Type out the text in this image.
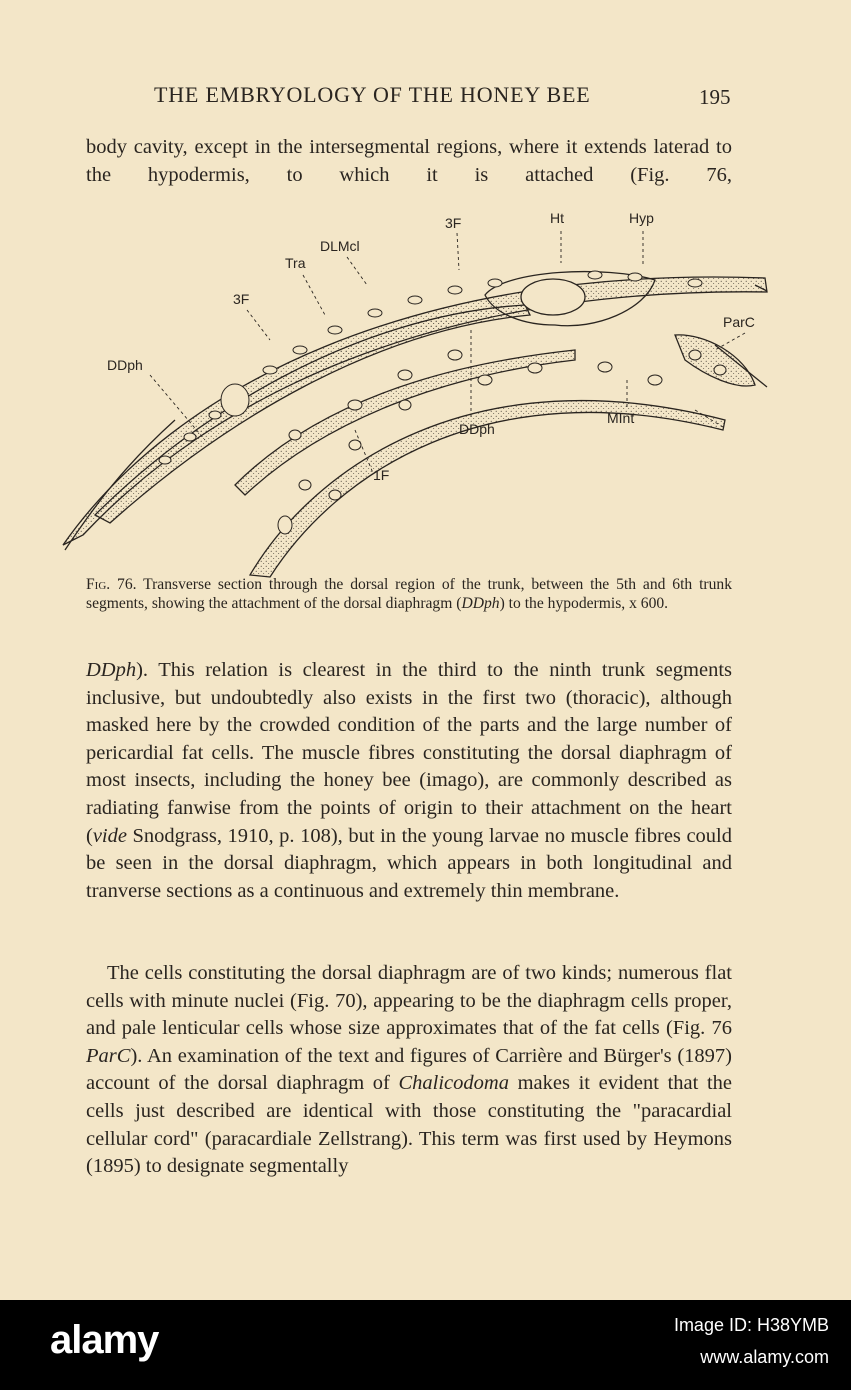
THE EMBRYOLOGY OF THE HONEY BEE	195

body cavity, except in the intersegmental regions, where it extends laterad to the hypodermis, to which it is attached (Fig. 76,

3F	Ht	Hyp
DLMcl
Tra
3F
ParC
DDph
MInt
DDph
1F
Fig. 76. Transverse section through the dorsal region of the trunk, between the 5th and 6th trunk segments, showing the attachment of the dorsal diaphragm (DDph) to the hypodermis, x 600.

DDph). This relation is clearest in the third to the ninth trunk segments inclusive, but undoubtedly also exists in the first two (thoracic), although masked here by the crowded condition of the parts and the large number of pericardial fat cells. The muscle fibres constituting the dorsal diaphragm of most insects, including the honey bee (imago), are commonly described as radiating fanwise from the points of origin to their attachment on the heart (vide Snodgrass, 1910, p. 108), but in the young larvae no muscle fibres could be seen in the dorsal diaphragm, which appears in both longitudinal and tranverse sections as a continuous and extremely thin membrane.

The cells constituting the dorsal diaphragm are of two kinds; numerous flat cells with minute nuclei (Fig. 70), appearing to be the diaphragm cells proper, and pale lenticular cells whose size approximates that of the fat cells (Fig. 76 ParC). An examination of the text and figures of Carrière and Bürger's (1897) account of the dorsal diaphragm of Chalicodoma makes it evident that the cells just described are identical with those constituting the "paracardial cellular cord" (paracardiale Zellstrang). This term was first used by Heymons (1895) to designate segmentally

alamy	Image ID: H38YMB
www.alamy.com
